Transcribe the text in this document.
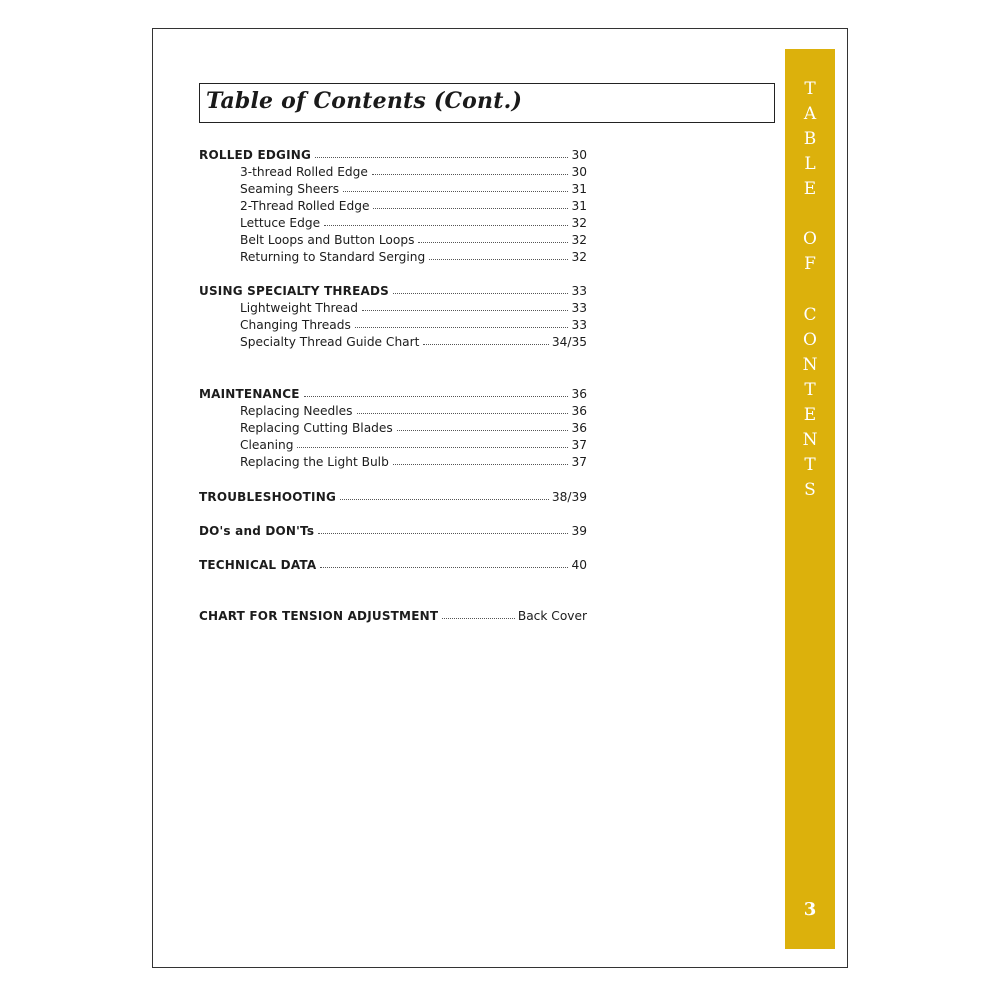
Table of Contents (Cont.)
ROLLED EDGING	30
3-thread Rolled Edge	30
Seaming Sheers	31
2-Thread Rolled Edge	31
Lettuce Edge	32
Belt Loops and Button Loops	32
Returning to Standard Serging	32
USING SPECIALTY THREADS	33
Lightweight Thread	33
Changing Threads	33
Specialty Thread Guide Chart	34/35
MAINTENANCE	36
Replacing Needles	36
Replacing Cutting Blades	36
Cleaning	37
Replacing the Light Bulb	37
TROUBLESHOOTING	38/39
DO's and DON'Ts	39
TECHNICAL DATA	40
CHART FOR TENSION ADJUSTMENT	Back Cover
T
A
B
L
E
O
F
C
O
N
T
E
N
T
S
3
